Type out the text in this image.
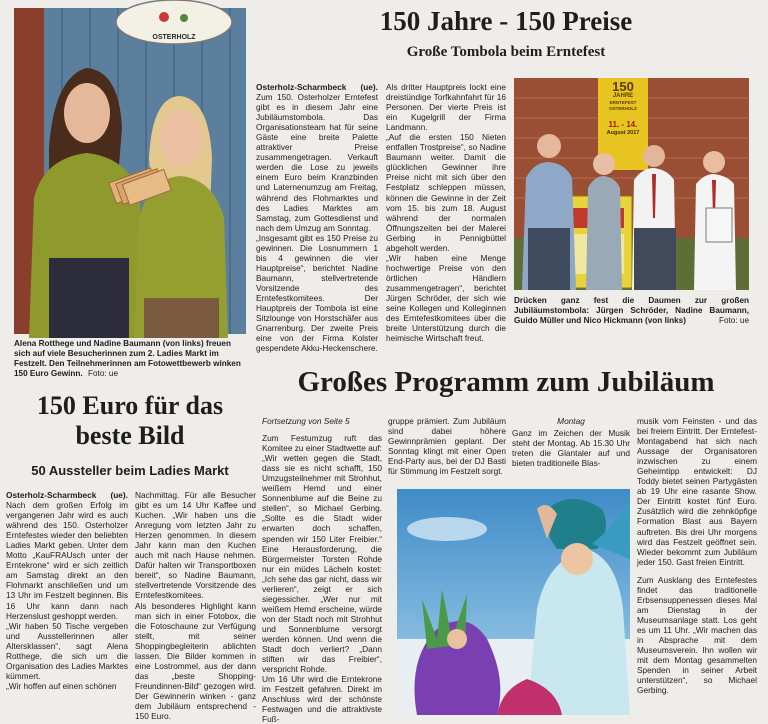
OSTERHOLZ
Alena Rotthege und Nadine Baumann (von links) freuen sich auf viele Besucherinnen zum 2. Ladies Markt im Festzelt. Den Teilnehmerinnen am Fotowettbewerb winken 150 Euro Gewinn. Foto: ue
150 Jahre - 150 Preise
Große Tombola beim Erntefest

Osterholz-Scharmbeck (ue). Zum 150. Osterholzer Erntefest gibt es in diesem Jahr eine Jubiläumstombola. Das Organisationsteam hat für seine Gäste eine breite Palette attraktiver Preise zusammengetragen. Verkauft werden die Lose zu jeweils einem Euro beim Kranzbinden und Laternenumzug am Freitag, während des Flohmarktes und des Ladies Marktes am Samstag, zum Gottesdienst und nach dem Umzug am Sonntag.

„Insgesamt gibt es 150 Preise zu gewinnen. Die Losnummern 1 bis 4 gewinnen die vier Hauptpreise“, berichtet Nadine Baumann, stellvertretende Vorsitzende des Erntefestkomitees. Der Hauptpreis der Tombola ist eine Sitzlounge von Horstschäfer aus Gnarrenburg. Der zweite Preis eine von der Firma Kolster gespendete Akku-Heckenschere.

Als dritter Hauptpreis lockt eine dreistündige Torfkahnfahrt für 16 Personen. Der vierte Preis ist ein Kugelgrill der Firma Landmann.

„Auf die ersten 150 Nieten entfallen Trostpreise“, so Nadine Baumann weiter. Damit die glücklichen Gewinner ihre Preise nicht mit sich über den Festplatz schleppen müssen, können die Gewinne in der Zeit vom 15. bis zum 18. August während der normalen Öffnungszeiten bei der Malerei Gerbing in Pennigbüttel abgeholt werden.

„Wir haben eine Menge hochwertige Preise von den örtlichen Händlern zusammengetragen“, berichtet Jürgen Schröder, der sich wie seine Kollegen und Kolleginnen des Erntefestkomitees über die breite Unterstützung durch die heimische Wirtschaft freut.

150
JAHRE
ERNTEFEST
OSTERHOLZ
11. - 14.
August 2017
Drücken ganz fest die Daumen zur großen Jubiläumstombola: Jürgen Schröder, Nadine Baumann, Guido Müller und Nico Hickmann (von links)	Foto: ue
Großes Programm zum Jubiläum
150 Euro für das
beste Bild
50 Aussteller beim Ladies Markt

Osterholz-Scharmbeck (ue). Nach dem großen Erfolg im vergangenen Jahr wird es auch während des 150. Osterholzer Erntefestes wieder den beliebten Ladies Markt geben. Unter dem Motto „KauFRAUsch unter der Erntekrone“ wird er sich zeitlich am Samstag direkt an den Flohmarkt anschließen und um 13 Uhr im Festzelt beginnen. Bis 16 Uhr kann dann nach Herzenslust geshoppt werden.

„Wir haben 50 Tische vergeben und Ausstellerinnen aller Altersklassen“, sagt Alena Rotthege, die sich um die Organisation des Ladies Marktes kümmert.

„Wir hoffen auf einen schönen

Nachmittag. Für alle Besucher gibt es um 14 Uhr Kaffee und Kuchen. „Wir haben uns die Anregung vom letzten Jahr zu Herzen genommen. In diesem Jahr kann man den Kuchen auch mit nach Hause nehmen. Dafür halten wir Transportboxen bereit“, so Nadine Baumann, stellvertretende Vorsitzende des Erntefestkomitees.

Als besonderes Highlight kann man sich in einer Fotobox, die die Fotoschaune zur Verfügung stellt, mit seiner Shoppingbegleiterin ablichten lassen. Die Bilder kommen in eine Lostrommel, aus der dann das „beste Shopping-Freundinnen-Bild“ gezogen wird. Der Gewinnerin winken - ganz dem Jubiläum entsprechend - 150 Euro.

Fortsetzung von Seite 5

Zum Festumzug ruft das Komitee zu einer Stadtwette auf: „Wir wetten gegen die Stadt, dass sie es nicht schafft, 150 Umzugsteilnehmer mit Strohhut, weißem Hemd und einer Sonnenblume auf die Beine zu stellen“, so Michael Gerbing. „Sollte es die Stadt wider erwarten doch schaffen, spenden wir 150 Liter Freibier.“ Eine Herausforderung, die Bürgermeister Torsten Rohde nur ein müdes Lächeln kostet: „Ich sehe das gar nicht, dass wir verlieren“, zeigt er sich siegessicher. „Wer nur mit weißem Hemd erscheine, würde von der Stadt noch mit Strohhut und Sonnenblume versorgt werden können. Und wenn die Stadt doch verliert? „Dann stiften wir das Freibier“, verspricht Rohde.

Um 16 Uhr wird die Erntekrone im Festzelt gefahren. Direkt im Anschluss wird der schönste Festwagen und die attraktivste Fuß-

gruppe prämiert. Zum Jubiläum sind dabei höhere Gewinnprämien geplant. Der Sonntag klingt mit einer Open End-Party aus, bei der DJ Basti für Stimmung im Festzelt sorgt.

Montag

Ganz im Zeichen der Musik steht der Montag. Ab 15.30 Uhr treten die Glantaler auf und bieten traditionelle Blas-

musik vom Feinsten - und das bei freiem Eintritt. Der Erntefest-Montagabend hat sich nach Aussage der Organisatoren inzwischen zu einem Geheimtipp entwickelt: DJ Toddy bietet seinen Partygästen ab 19 Uhr eine rasante Show. Der Eintritt kostet fünf Euro. Zusätzlich wird die zehnköpfige Formation Blast aus Bayern auftreten. Bis drei Uhr morgens wird das Festzelt geöffnet sein. Wieder bekommt zum Jubiläum jeder 150. Gast freien Eintritt.

Zum Ausklang des Erntefestes findet das traditionelle Erbsensuppenessen dieses Mal am Dienstag in der Museumsanlage statt. Los geht es um 11 Uhr. „Wir machen das in Absprache mit dem Museumsverein. Ihn wollen wir mit dem Montag gesammelten Spenden in seiner Arbeit unterstützen“, so Michael Gerbing.
